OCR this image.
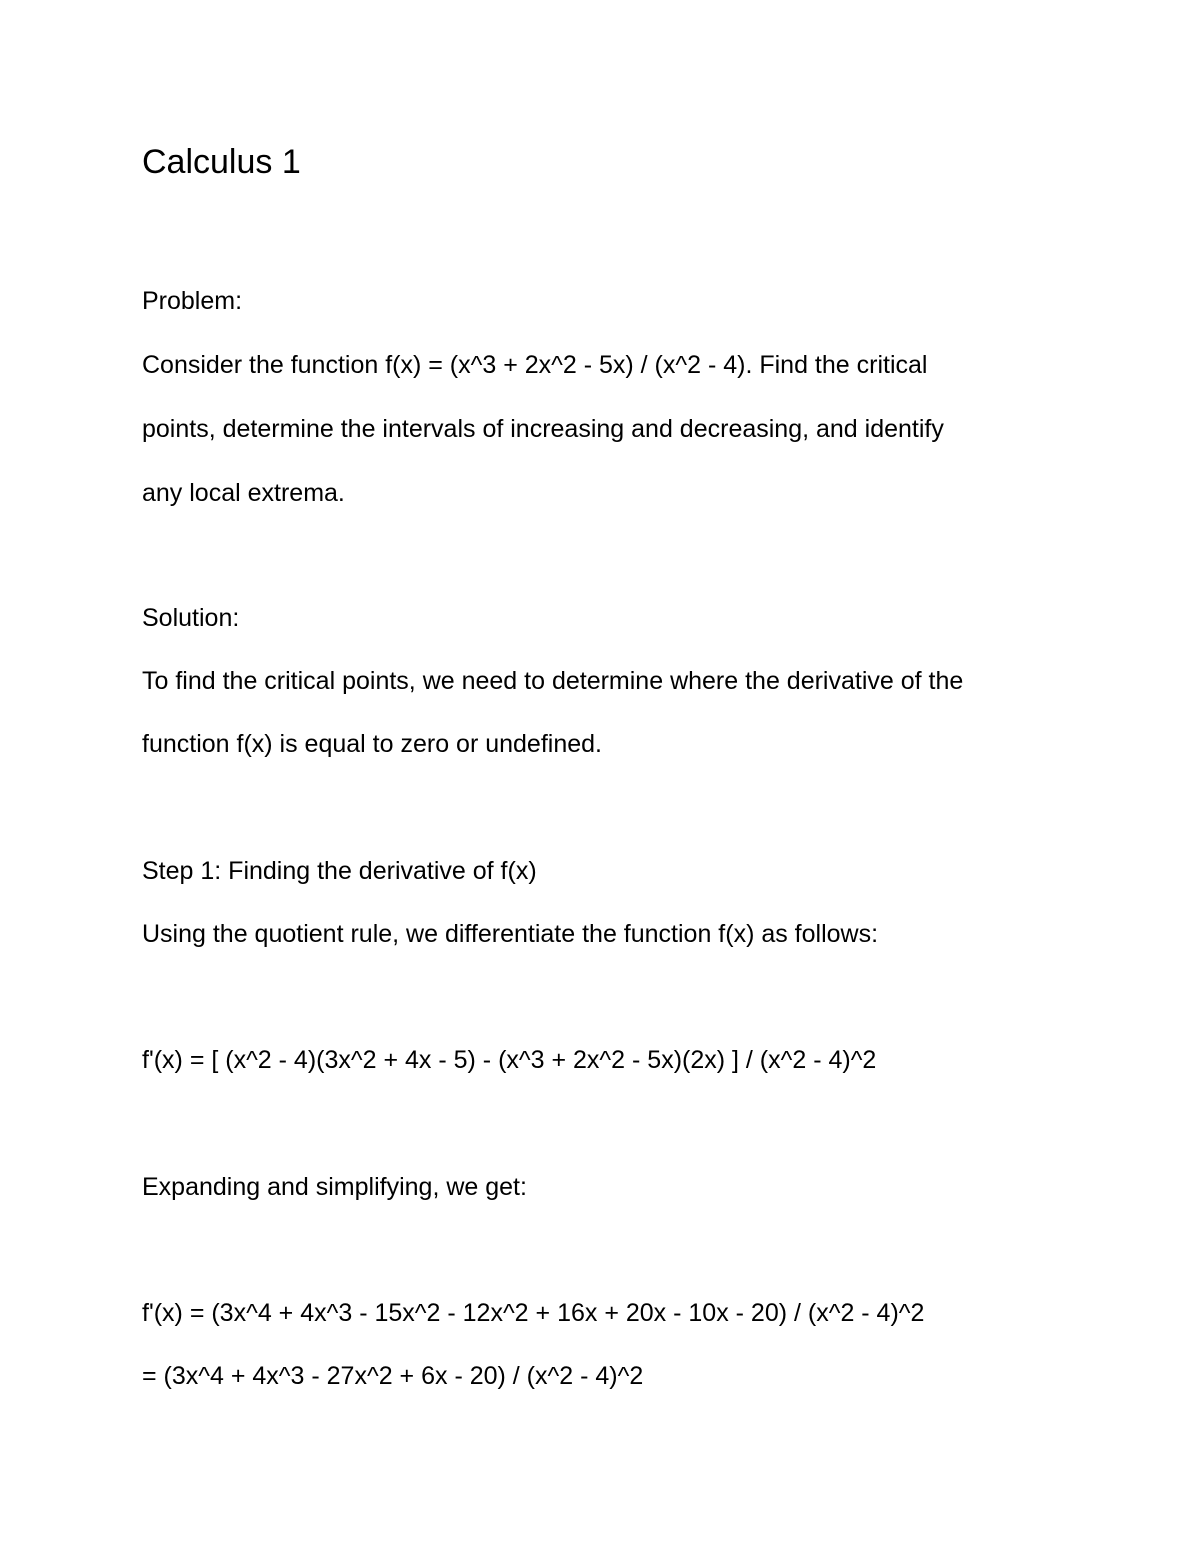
Calculus 1

Problem:

Consider the function f(x) = (x^3 + 2x^2 - 5x) / (x^2 - 4). Find the critical

points, determine the intervals of increasing and decreasing, and identify

any local extrema.

Solution:

To find the critical points, we need to determine where the derivative of the

function f(x) is equal to zero or undefined.

Step 1: Finding the derivative of f(x)

Using the quotient rule, we differentiate the function f(x) as follows:

f'(x) = [ (x^2 - 4)(3x^2 + 4x - 5) - (x^3 + 2x^2 - 5x)(2x) ] / (x^2 - 4)^2

Expanding and simplifying, we get:

f'(x) = (3x^4 + 4x^3 - 15x^2 - 12x^2 + 16x + 20x - 10x - 20) / (x^2 - 4)^2

= (3x^4 + 4x^3 - 27x^2 + 6x - 20) / (x^2 - 4)^2
